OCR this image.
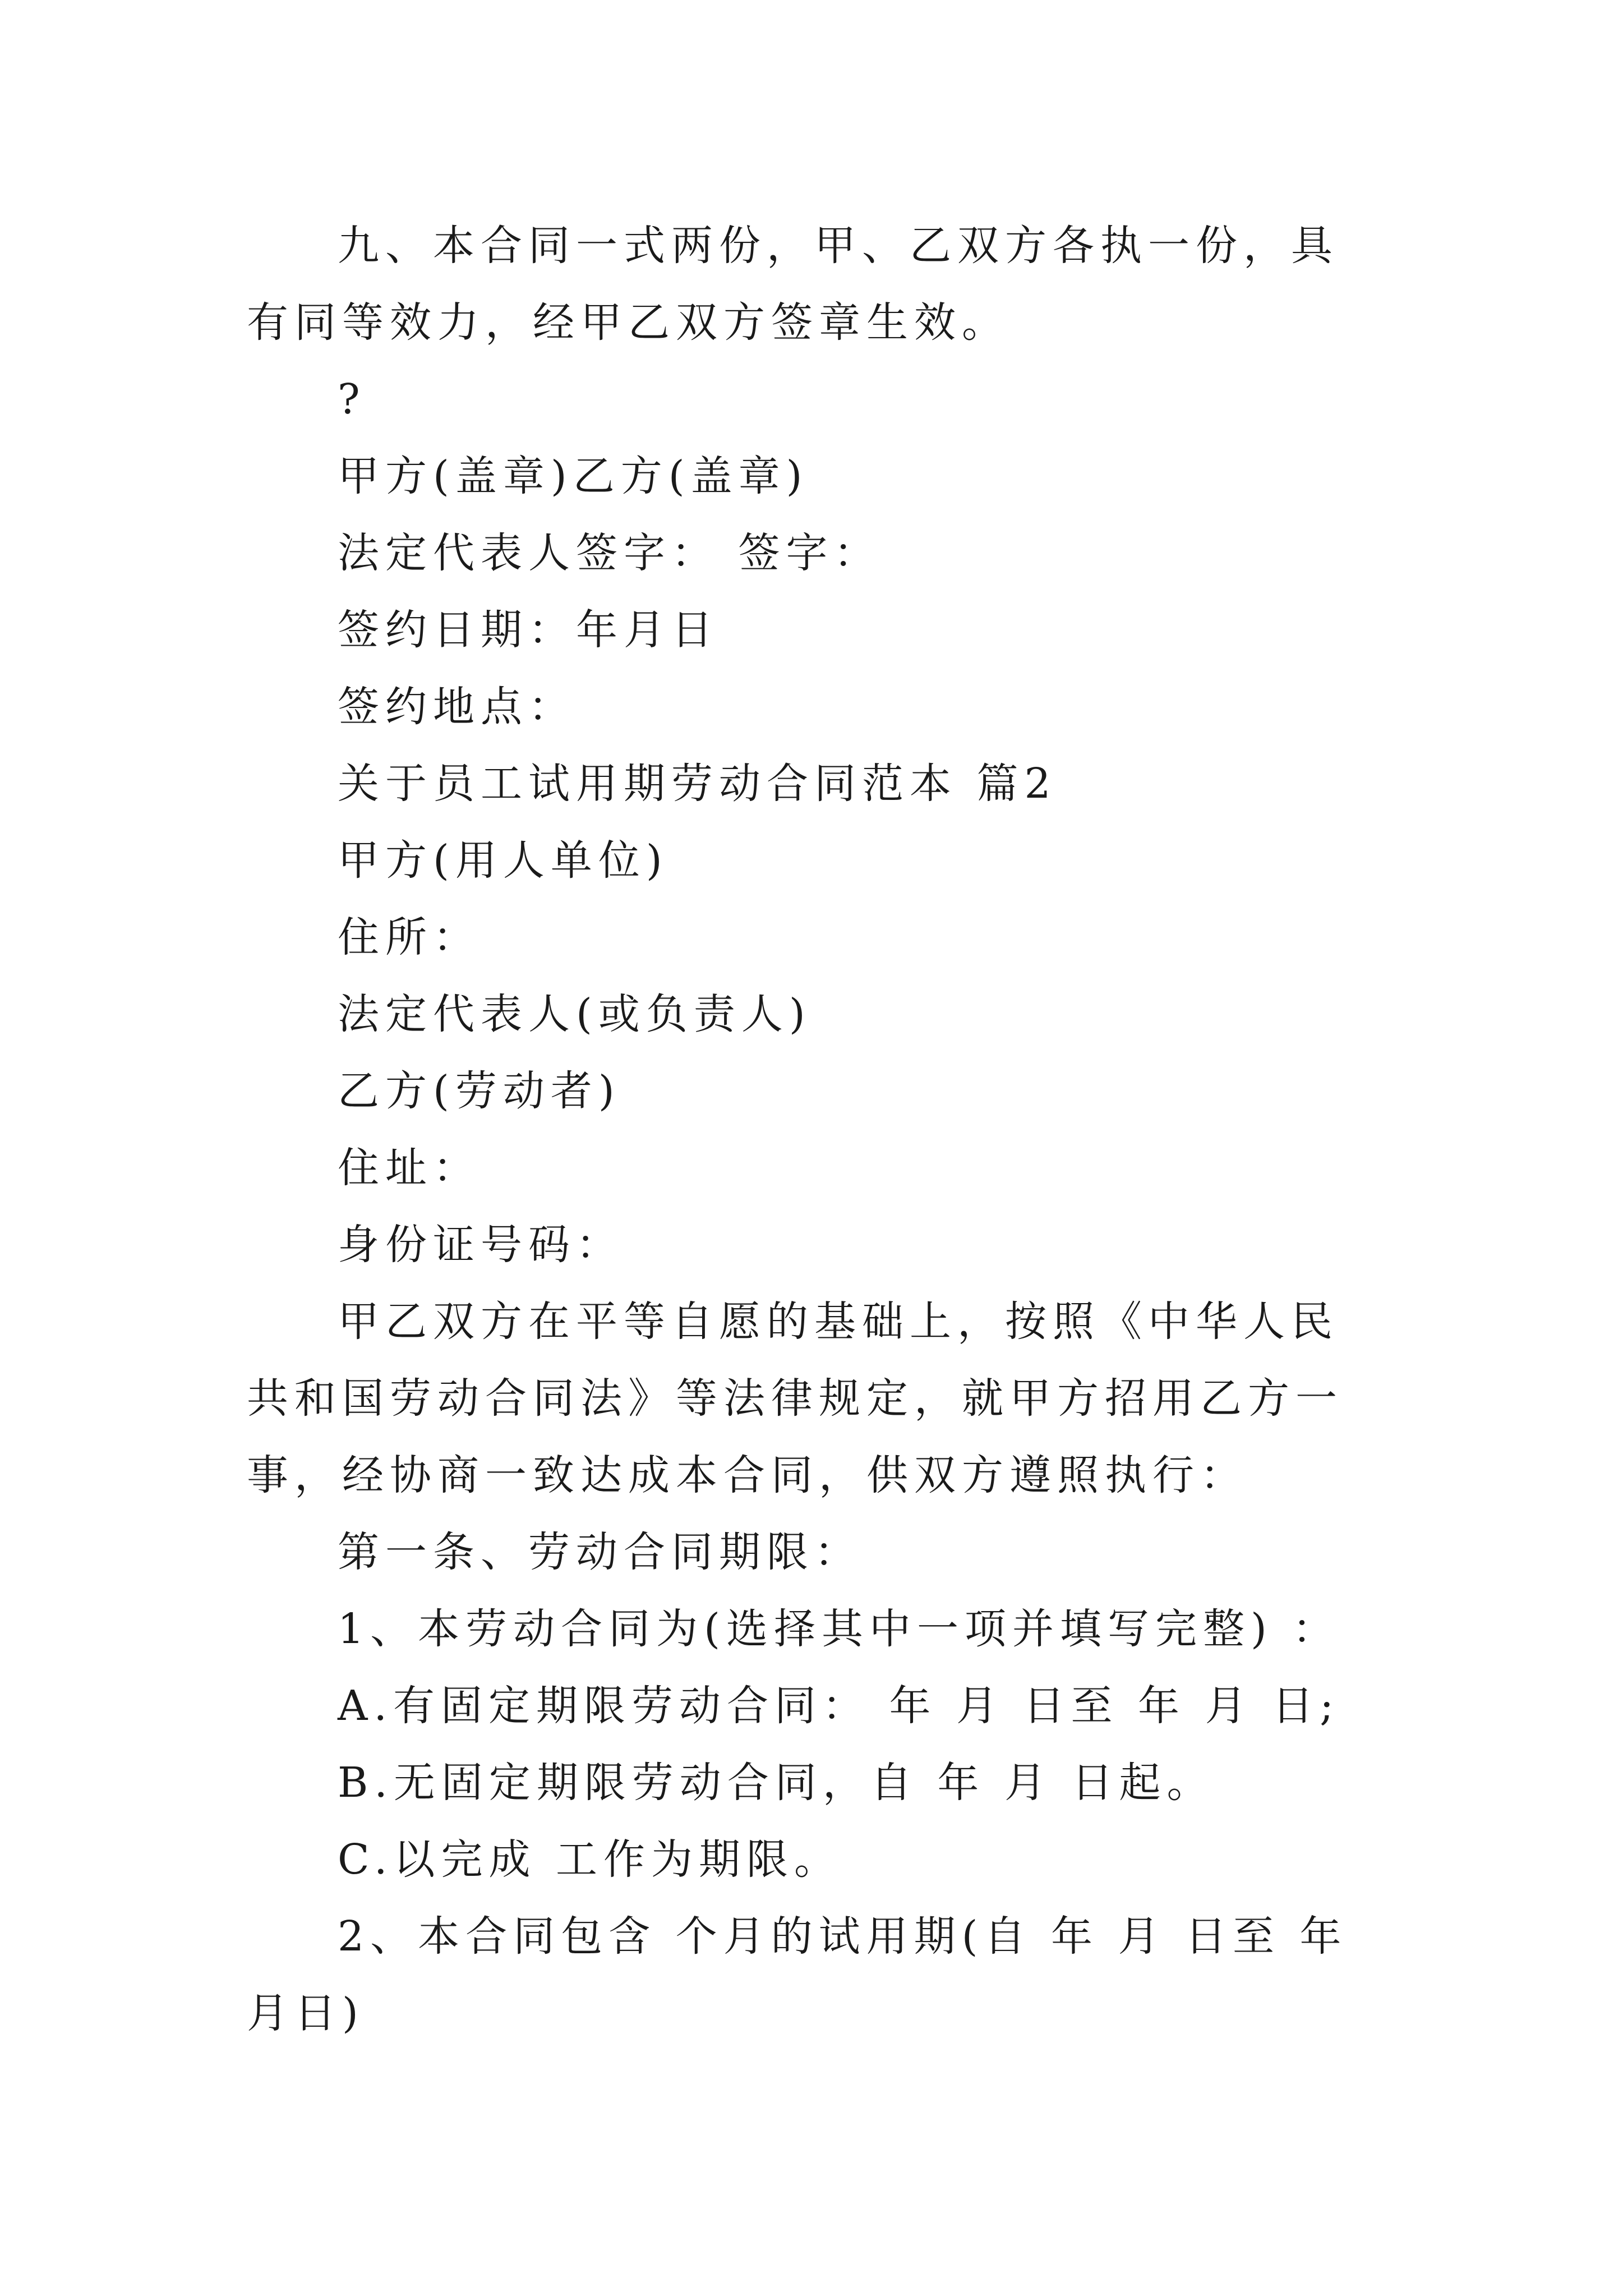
九、本合同一式两份，甲、乙双方各执一份，具有同等效力，经甲乙双方签章生效。

?

甲方(盖章)乙方(盖章)

法定代表人签字： 签字：

签约日期：年月日

签约地点：

关于员工试用期劳动合同范本 篇2

甲方(用人单位)

住所：

法定代表人(或负责人)

乙方(劳动者)

住址：

身份证号码：

甲乙双方在平等自愿的基础上，按照《中华人民共和国劳动合同法》等法律规定，就甲方招用乙方一事，经协商一致达成本合同，供双方遵照执行：

第一条、劳动合同期限：

1、本劳动合同为(选择其中一项并填写完整) ：

A.有固定期限劳动合同： 年 月 日至 年 月 日;

B.无固定期限劳动合同，自 年 月 日起。

C.以完成 工作为期限。

2、本合同包含 个月的试用期(自 年 月 日至 年 月日)
